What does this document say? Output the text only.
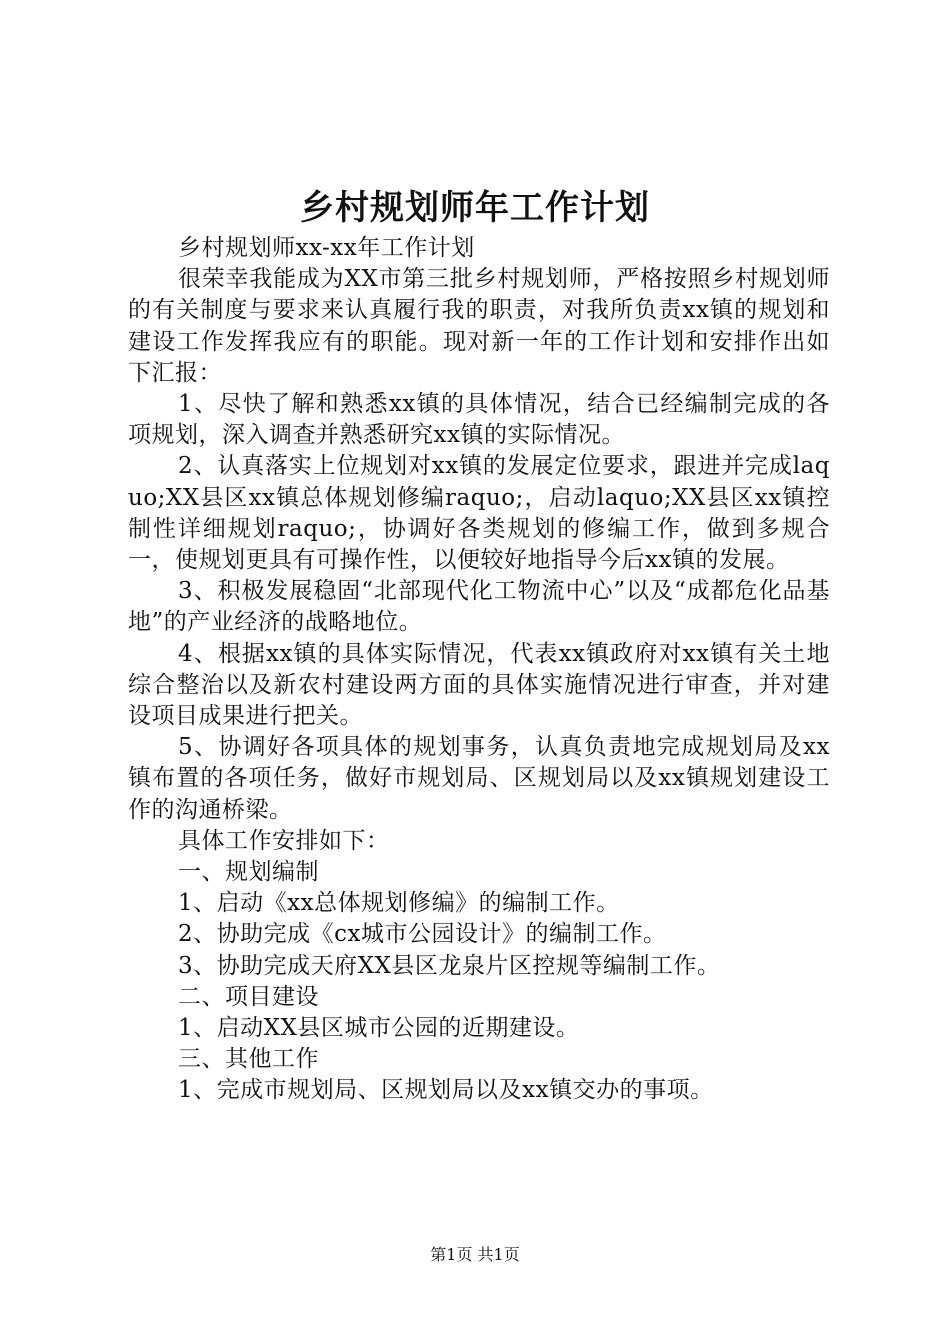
乡村规划师年工作计划

乡村规划师xx-xx年工作计划

很荣幸我能成为XX市第三批乡村规划师，严格按照乡村规划师的有关制度与要求来认真履行我的职责，对我所负责xx镇的规划和建设工作发挥我应有的职能。现对新一年的工作计划和安排作出如下汇报：

1、尽快了解和熟悉xx镇的具体情况，结合已经编制完成的各项规划，深入调查并熟悉研究xx镇的实际情况。

2、认真落实上位规划对xx镇的发展定位要求，跟进并完成laquo;XX县区xx镇总体规划修编raquo;，启动laquo;XX县区xx镇控制性详细规划raquo;，协调好各类规划的修编工作，做到多规合一，使规划更具有可操作性，以便较好地指导今后xx镇的发展。

3、积极发展稳固“北部现代化工物流中心”以及“成都危化品基地”的产业经济的战略地位。

4、根据xx镇的具体实际情况，代表xx镇政府对xx镇有关土地综合整治以及新农村建设两方面的具体实施情况进行审查，并对建设项目成果进行把关。

5、协调好各项具体的规划事务，认真负责地完成规划局及xx镇布置的各项任务，做好市规划局、区规划局以及xx镇规划建设工作的沟通桥梁。

具体工作安排如下：

一、规划编制

1、启动《xx总体规划修编》的编制工作。

2、协助完成《cx城市公园设计》的编制工作。

3、协助完成天府XX县区龙泉片区控规等编制工作。

二、项目建设

1、启动XX县区城市公园的近期建设。

三、其他工作

1、完成市规划局、区规划局以及xx镇交办的事项。

第1页 共1页
